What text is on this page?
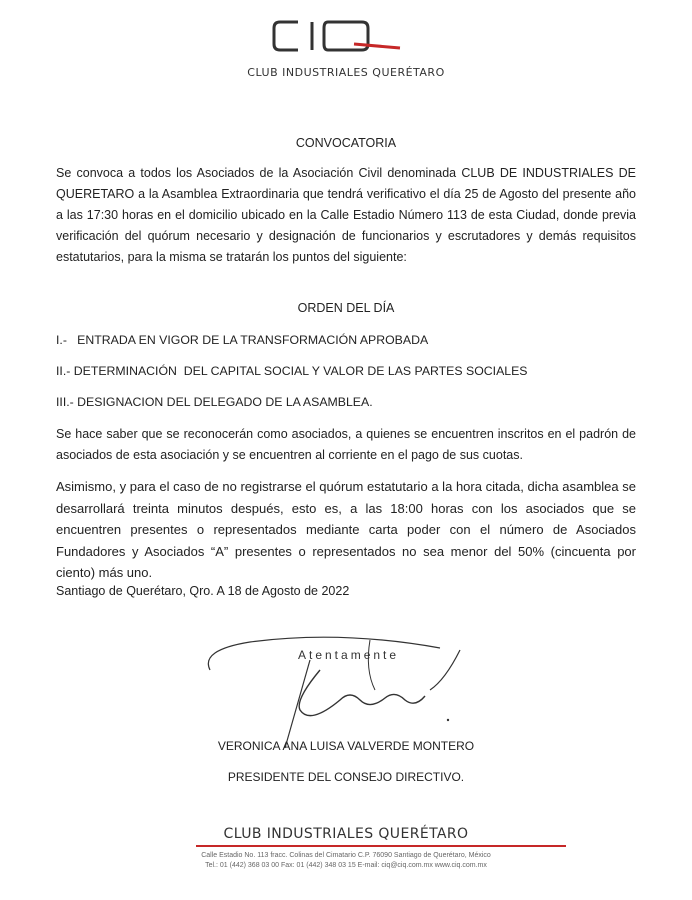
CLUB INDUSTRIALES QUERÉTARO
CONVOCATORIA
Se convoca a todos los Asociados de la Asociación Civil denominada CLUB DE INDUSTRIALES DE QUERETARO a la Asamblea Extraordinaria que tendrá verificativo el día 25 de Agosto del presente año a las 17:30 horas en el domicilio ubicado en la Calle Estadio Número 113 de esta Ciudad, donde previa verificación del quórum necesario y designación de funcionarios y escrutadores y demás requisitos estatutarios, para la misma se tratarán los puntos del siguiente:
ORDEN DEL DÍA
I.-   ENTRADA EN VIGOR DE LA TRANSFORMACIÓN APROBADA
II.- DETERMINACIÓN  DEL CAPITAL SOCIAL Y VALOR DE LAS PARTES SOCIALES
III.- DESIGNACION DEL DELEGADO DE LA ASAMBLEA.
Se hace saber que se reconocerán como asociados, a quienes se encuentren inscritos en el padrón de asociados de esta asociación y se encuentren al corriente en el pago de sus cuotas.
Asimismo, y para el caso de no registrarse el quórum estatutario a la hora citada, dicha asamblea se desarrollará treinta minutos después, esto es, a las 18:00 horas con los asociados que se encuentren presentes o representados mediante carta poder con el número de Asociados Fundadores y Asociados “A” presentes o representados no sea menor del 50% (cincuenta por ciento) más uno.
Santiago de Querétaro, Qro. A 18 de Agosto de 2022
Atentamente
VERONICA ANA LUISA VALVERDE MONTERO
PRESIDENTE DEL CONSEJO DIRECTIVO.
CLUB INDUSTRIALES QUERÉTARO
Calle Estadio No. 113 fracc. Colinas del Cimatario C.P. 76090 Santiago de Querétaro, México
Tel.: 01 (442) 368 03 00 Fax: 01 (442) 348 03 15 E-mail: ciq@ciq.com.mx www.ciq.com.mx
